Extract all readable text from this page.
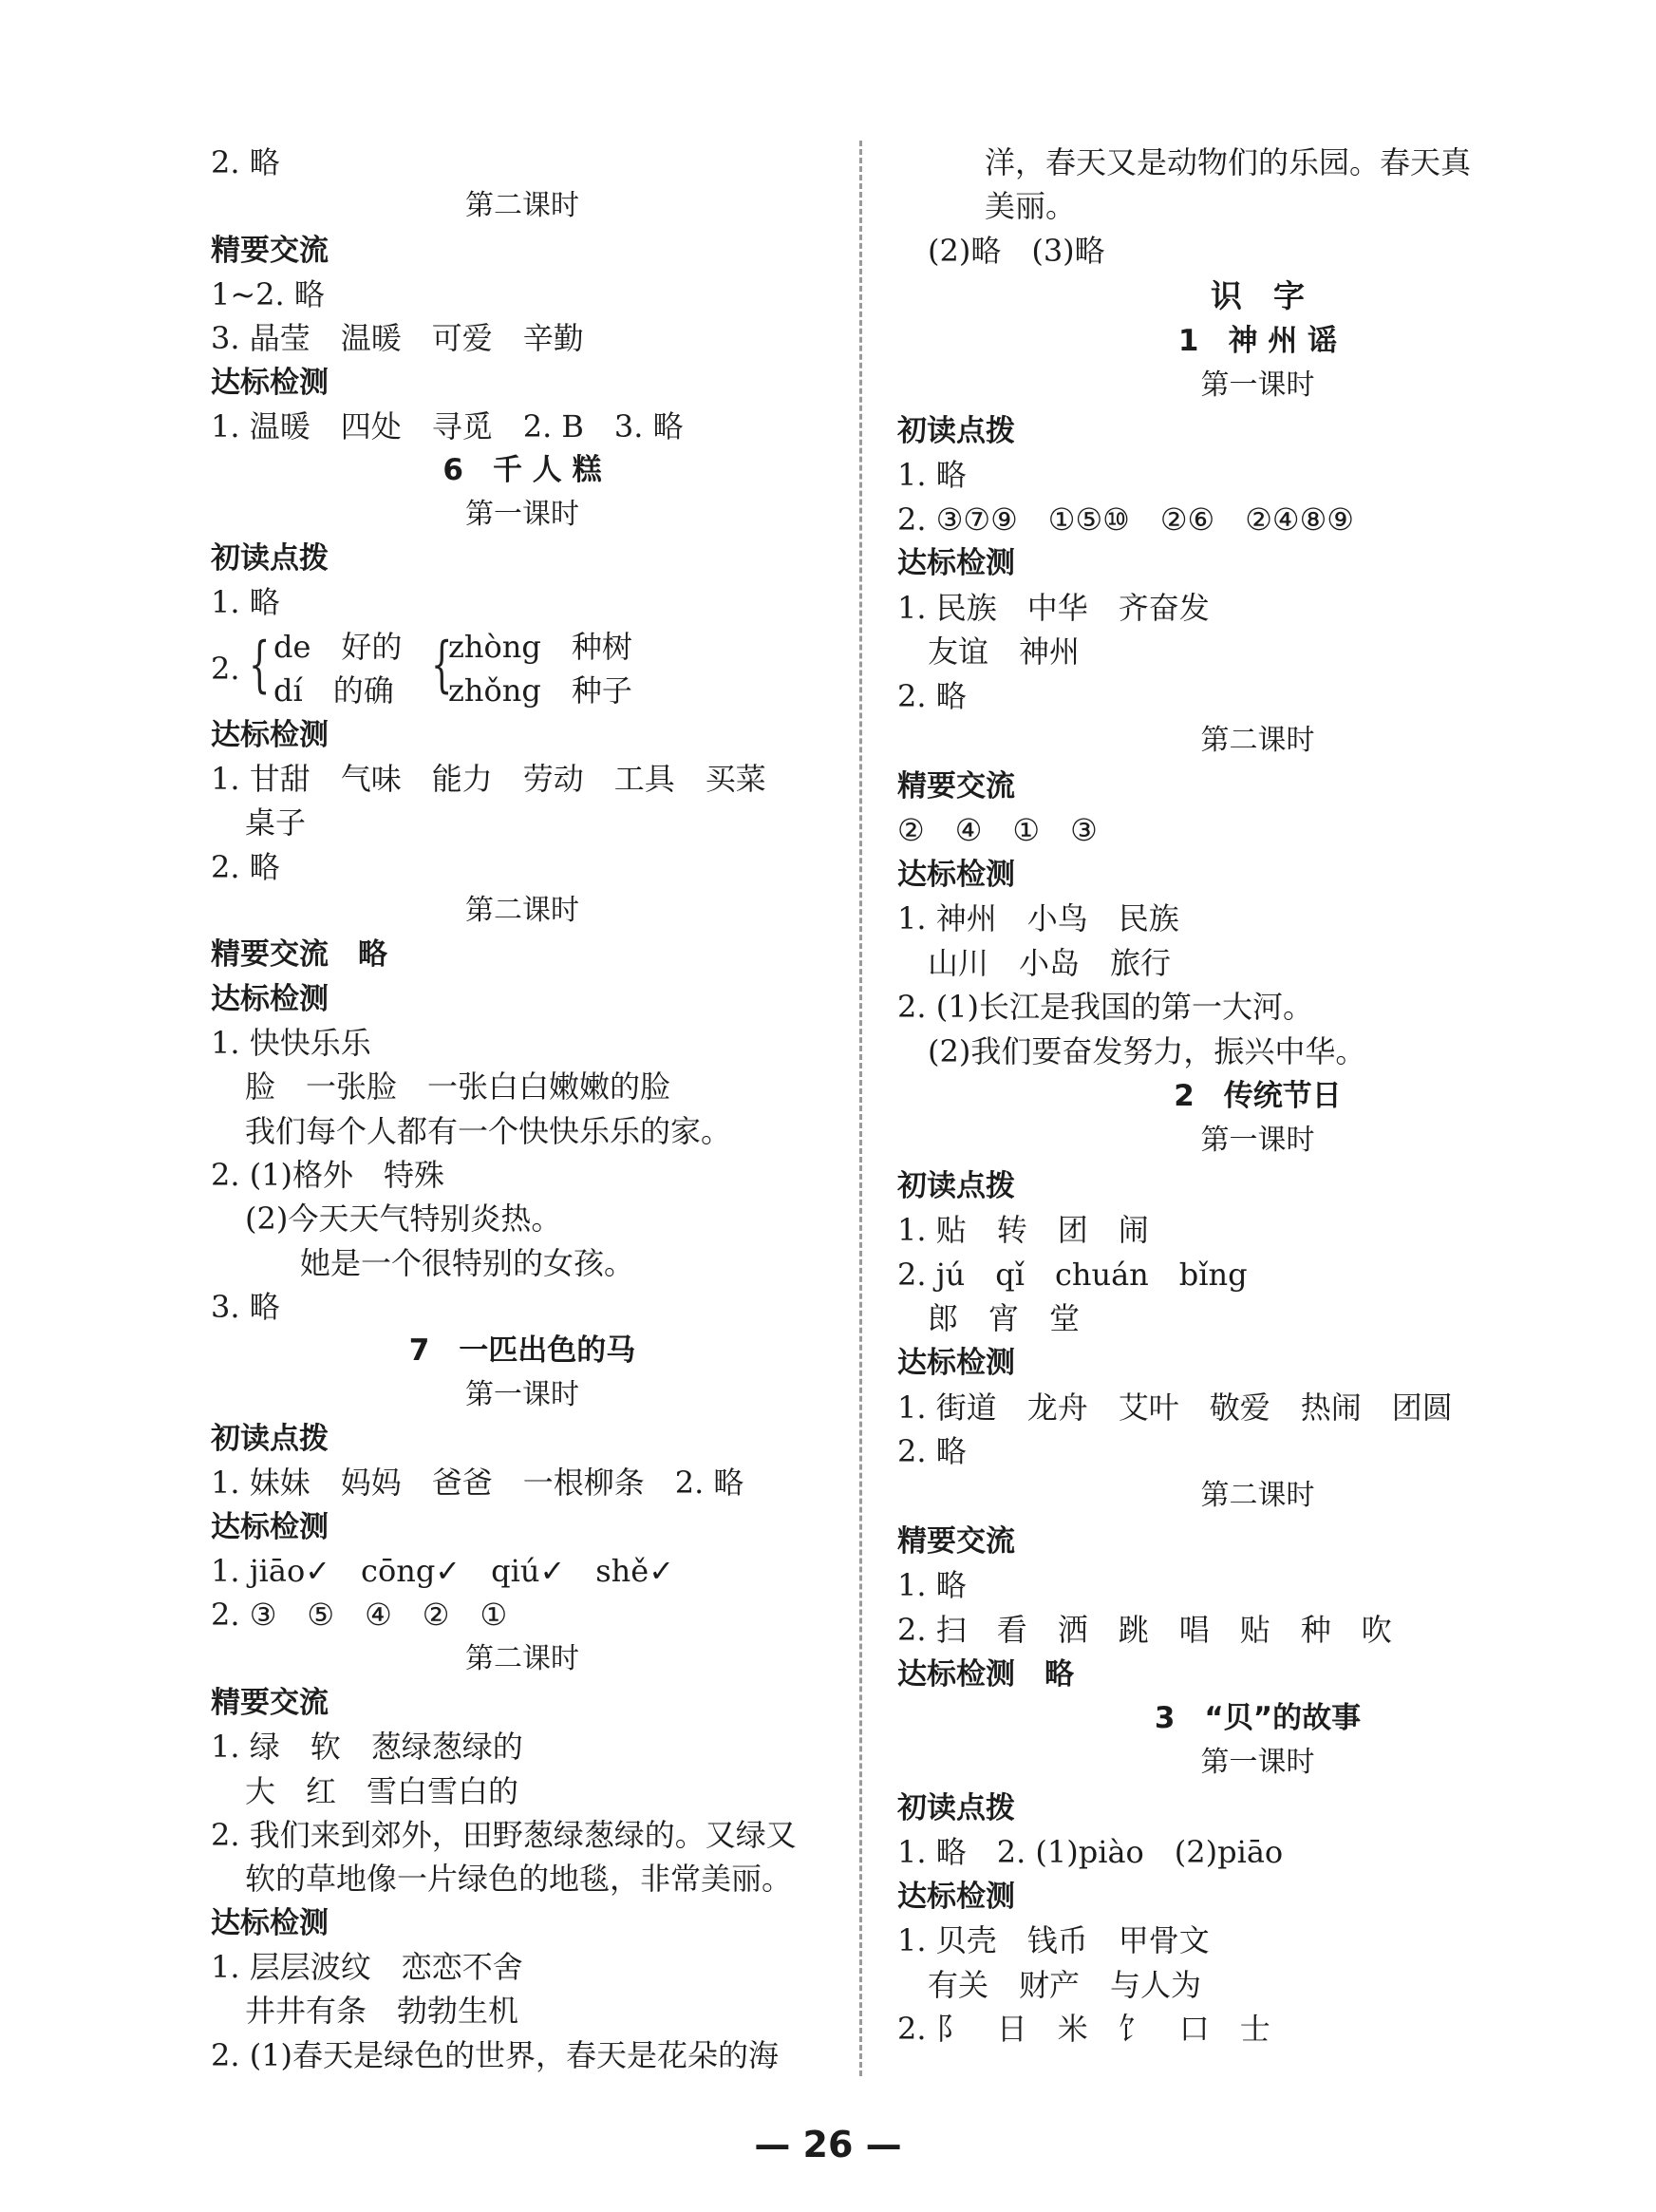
2. 略
第二课时
精要交流
1~2. 略
3. 晶莹　温暖　可爱　辛勤
达标检测
1. 温暖　四处　寻觅　2. B　3. 略
6　千 人 糕
第一课时
初读点拨
1. 略
达标检测
1. 甘甜　气味　能力　劳动　工具　买菜
桌子
2. 略
第二课时
精要交流　略
达标检测
1. 快快乐乐
脸　一张脸　一张白白嫩嫩的脸
我们每个人都有一个快快乐乐的家。
2. (1)格外　特殊
(2)今天天气特别炎热。
她是一个很特别的女孩。
3. 略
7　一匹出色的马
第一课时
初读点拨
1. 妹妹　妈妈　爸爸　一根柳条　2. 略
达标检测
1. jiāo✓　cōng✓　qiú✓　shě✓
2. ③　⑤　④　②　①
第二课时
精要交流
1. 绿　软　葱绿葱绿的
大　红　雪白雪白的
2. 我们来到郊外，田野葱绿葱绿的。又绿又
软的草地像一片绿色的地毯，非常美丽。
达标检测
1. 层层波纹　恋恋不舍
井井有条　勃勃生机
2. (1)春天是绿色的世界，春天是花朵的海
2. { de　好的
dí　的确 {
zhòng　种树
zhǒng　种子
洋，春天又是动物们的乐园。春天真
美丽。
(2)略　(3)略
识　字
1　神 州 谣
第一课时
初读点拨
1. 略
2. ③⑦⑨　①⑤⑩　②⑥　②④⑧⑨
达标检测
1. 民族　中华　齐奋发
友谊　神州
2. 略
第二课时
精要交流
②　④　①　③
达标检测
1. 神州　小鸟　民族
山川　小岛　旅行
2. (1)长江是我国的第一大河。
(2)我们要奋发努力，振兴中华。
2　传统节日
第一课时
初读点拨
1. 贴　转　团　闹
2. jú　qǐ　chuán　bǐng
郎　宵　堂
达标检测
1. 街道　龙舟　艾叶　敬爱　热闹　团圆
2. 略
第二课时
精要交流
1. 略
2. 扫　看　洒　跳　唱　贴　种　吹
达标检测　略
3　“贝”的故事
第一课时
初读点拨
1. 略　2. (1)piào　(2)piāo
达标检测
1. 贝壳　钱币　甲骨文
有关　财产　与人为
2. 阝　日　米　饣　口　士
— 26 —
